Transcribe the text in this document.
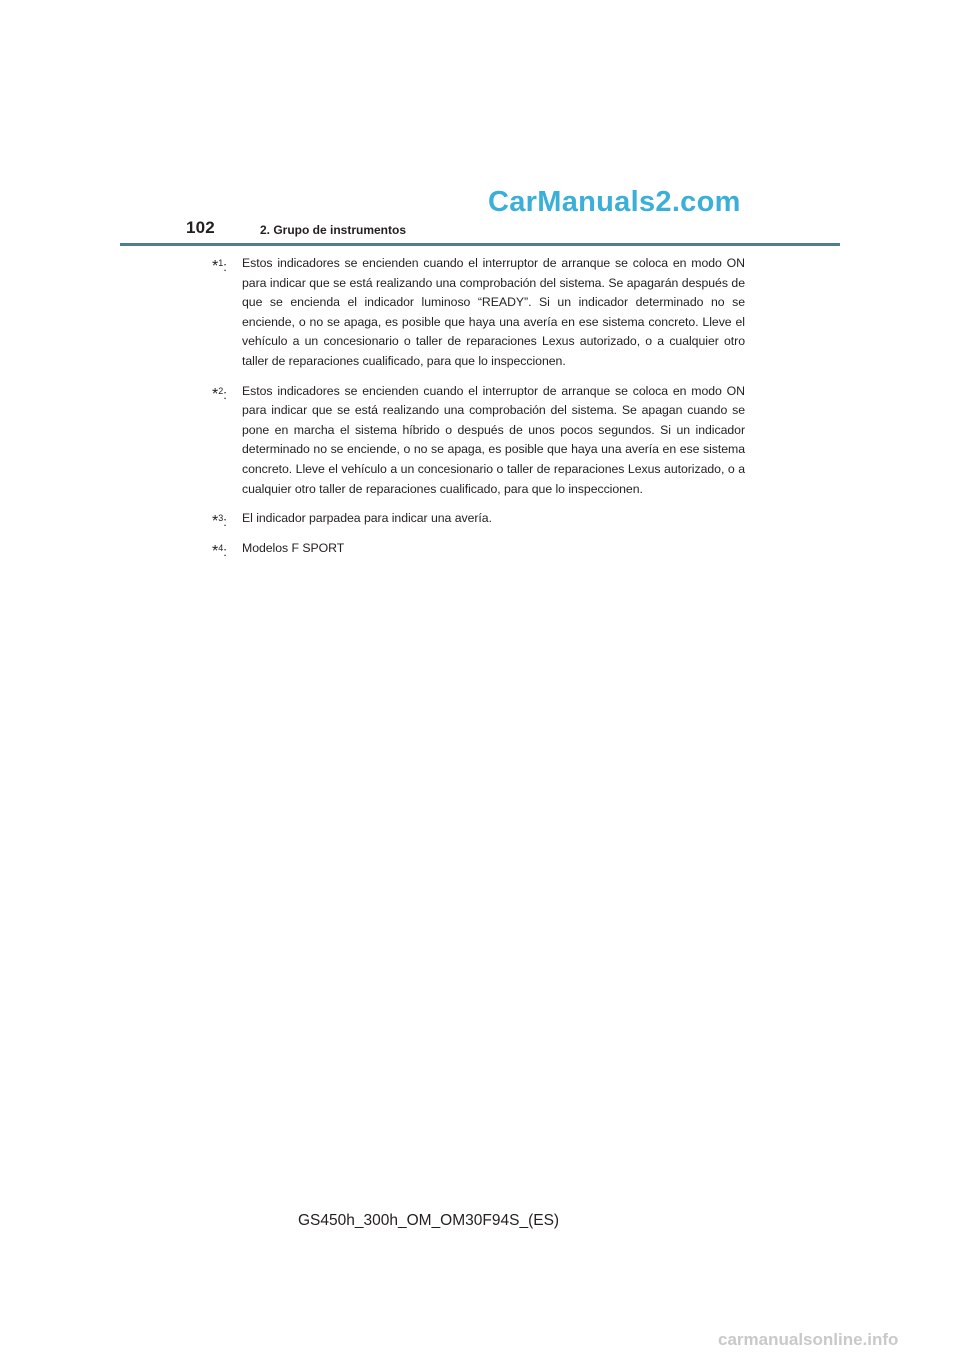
102	2. Grupo de instrumentos
CarManuals2.com
*$^1$: Estos indicadores se encienden cuando el interruptor de arranque se coloca en modo ON para indicar que se está realizando una comprobación del sistema. Se apagarán después de que se encienda el indicador luminoso “READY”. Si un indicador determinado no se enciende, o no se apaga, es posible que haya una avería en ese sistema concreto. Lleve el vehículo a un concesionario o taller de reparaciones Lexus autorizado, o a cualquier otro taller de reparaciones cualificado, para que lo inspeccionen.
*$^2$: Estos indicadores se encienden cuando el interruptor de arranque se coloca en modo ON para indicar que se está realizando una comprobación del sistema. Se apagan cuando se pone en marcha el sistema híbrido o después de unos pocos segundos. Si un indicador determinado no se enciende, o no se apaga, es posible que haya una avería en ese sistema concreto. Lleve el vehículo a un concesionario o taller de reparaciones Lexus autorizado, o a cualquier otro taller de reparaciones cualificado, para que lo inspeccionen.
*$^3$: El indicador parpadea para indicar una avería.
*$^4$: Modelos F SPORT
GS450h_300h_OM_OM30F94S_(ES)
carmanualsonline.info
